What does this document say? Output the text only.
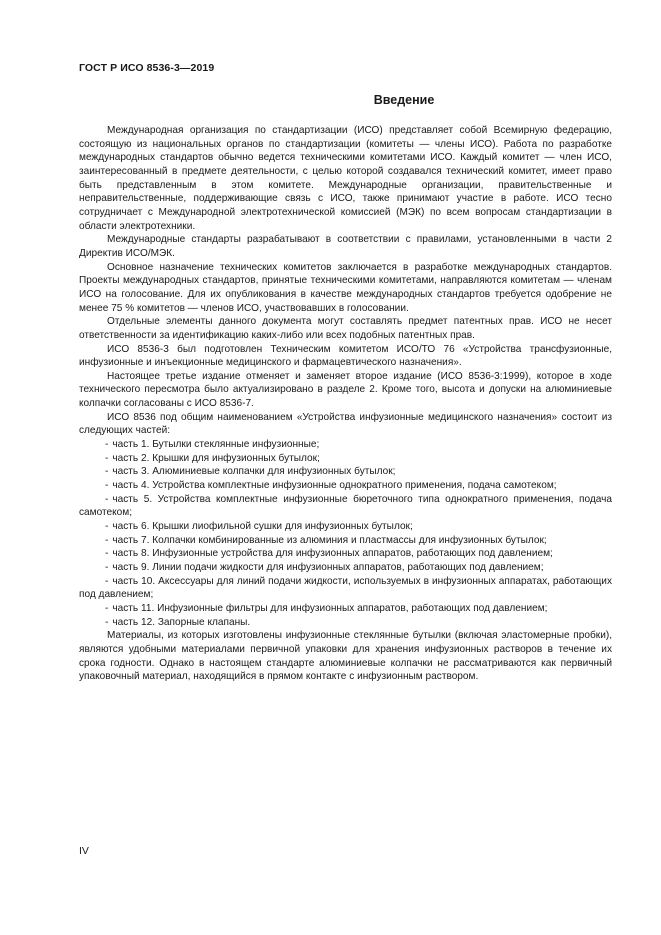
ГОСТ Р ИСО 8536-3—2019
Введение

Международная организация по стандартизации (ИСО) представляет собой Всемирную федерацию, состоящую из национальных органов по стандартизации (комитеты — члены ИСО). Работа по разработке международных стандартов обычно ведется техническими комитетами ИСО. Каждый комитет — член ИСО, заинтересованный в предмете деятельности, с целью которой создавался технический комитет, имеет право быть представленным в этом комитете. Международные организации, правительственные и неправительственные, поддерживающие связь с ИСО, также принимают участие в работе. ИСО тесно сотрудничает с Международной электротехнической комиссией (МЭК) по всем вопросам стандартизации в области электротехники.

Международные стандарты разрабатывают в соответствии с правилами, установленными в части 2 Директив ИСО/МЭК.

Основное назначение технических комитетов заключается в разработке международных стандартов. Проекты международных стандартов, принятые техническими комитетами, направляются комитетам — членам ИСО на голосование. Для их опубликования в качестве международных стандартов требуется одобрение не менее 75 % комитетов — членов ИСО, участвовавших в голосовании.

Отдельные элементы данного документа могут составлять предмет патентных прав. ИСО не несет ответственности за идентификацию каких-либо или всех подобных патентных прав.

ИСО 8536-3 был подготовлен Техническим комитетом ИСО/ТО 76 «Устройства трансфузионные, инфузионные и инъекционные медицинского и фармацевтического назначения».

Настоящее третье издание отменяет и заменяет второе издание (ИСО 8536-3:1999), которое в ходе технического пересмотра было актуализировано в разделе 2. Кроме того, высота и допуски на алюминиевые колпачки согласованы с ИСО 8536-7.

ИСО 8536 под общим наименованием «Устройства инфузионные медицинского назначения» состоит из следующих частей:

- часть 1. Бутылки стеклянные инфузионные;

- часть 2. Крышки для инфузионных бутылок;

- часть 3. Алюминиевые колпачки для инфузионных бутылок;

- часть 4. Устройства комплектные инфузионные однократного применения, подача самотеком;

- часть 5. Устройства комплектные инфузионные бюреточного типа однократного применения, подача самотеком;

- часть 6. Крышки лиофильной сушки для инфузионных бутылок;

- часть 7. Колпачки комбинированные из алюминия и пластмассы для инфузионных бутылок;

- часть 8. Инфузионные устройства для инфузионных аппаратов, работающих под давлением;

- часть 9. Линии подачи жидкости для инфузионных аппаратов, работающих под давлением;

- часть 10. Аксессуары для линий подачи жидкости, используемых в инфузионных аппаратах, работающих под давлением;

- часть 11. Инфузионные фильтры для инфузионных аппаратов, работающих под давлением;

- часть 12. Запорные клапаны.

Материалы, из которых изготовлены инфузионные стеклянные бутылки (включая эластомерные пробки), являются удобными материалами первичной упаковки для хранения инфузионных растворов в течение их срока годности. Однако в настоящем стандарте алюминиевые колпачки не рассматриваются как первичный упаковочный материал, находящийся в прямом контакте с инфузионным раствором.

IV
